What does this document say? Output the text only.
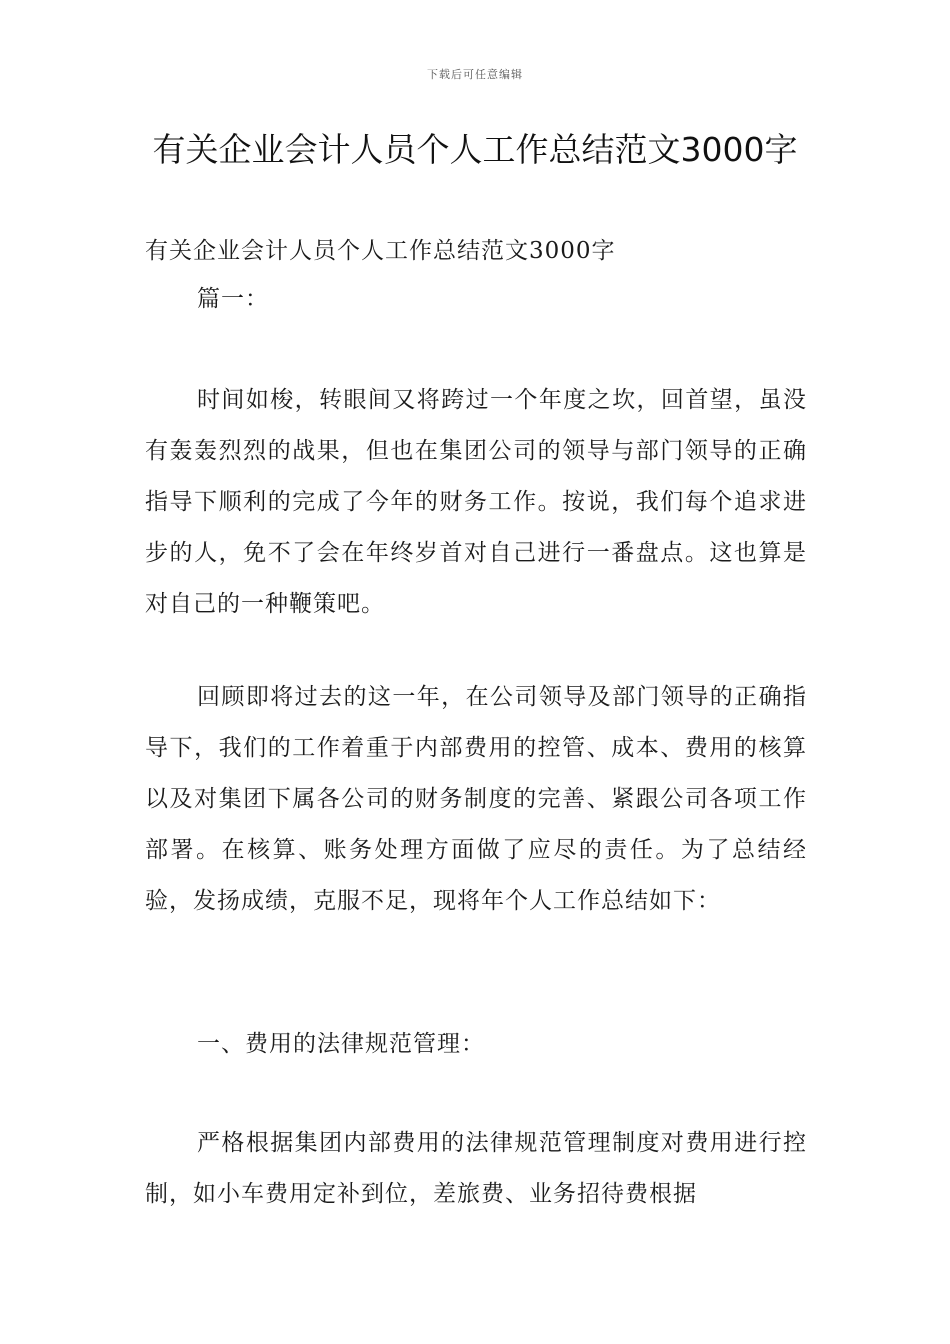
下载后可任意编辑
有关企业会计人员个人工作总结范文3000字
有关企业会计人员个人工作总结范文3000字
篇一：
时间如梭，转眼间又将跨过一个年度之坎，回首望，虽没有轰轰烈烈的战果，但也在集团公司的领导与部门领导的正确指导下顺利的完成了今年的财务工作。按说，我们每个追求进步的人，免不了会在年终岁首对自己进行一番盘点。这也算是对自己的一种鞭策吧。
回顾即将过去的这一年，在公司领导及部门领导的正确指导下，我们的工作着重于内部费用的控管、成本、费用的核算以及对集团下属各公司的财务制度的完善、紧跟公司各项工作部署。在核算、账务处理方面做了应尽的责任。为了总结经验，发扬成绩，克服不足，现将年个人工作总结如下：
一、费用的法律规范管理：
严格根据集团内部费用的法律规范管理制度对费用进行控制，如小车费用定补到位，差旅费、业务招待费根据
